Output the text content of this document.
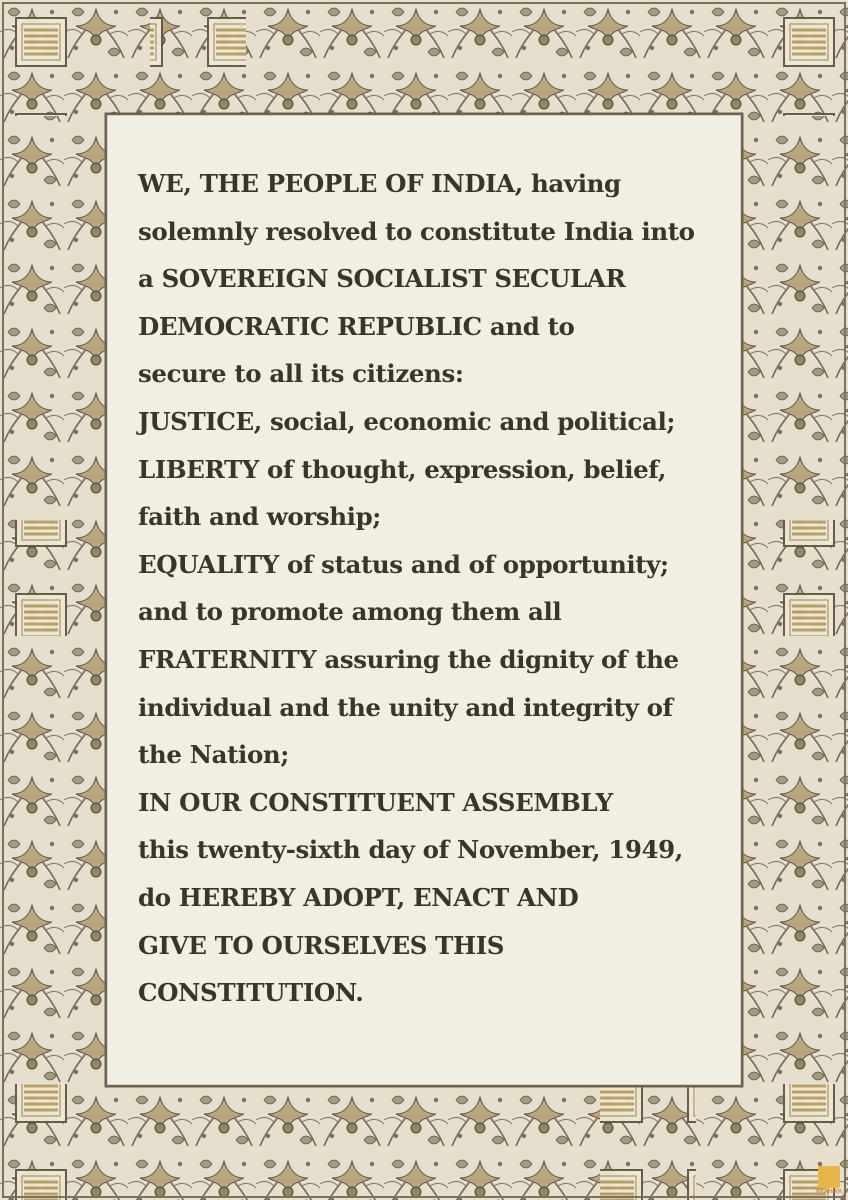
WE, THE PEOPLE OF INDIA, having
solemnly resolved to constitute India into
a SOVEREIGN SOCIALIST SECULAR
DEMOCRATIC REPUBLIC and to
secure to all its citizens:
JUSTICE, social, economic and political;
LIBERTY of thought, expression, belief,
faith and worship;
EQUALITY of status and of opportunity;
and to promote among them all
FRATERNITY assuring the dignity of the
individual and the unity and integrity of
the Nation;
IN OUR CONSTITUENT ASSEMBLY
this twenty-sixth day of November, 1949,
do HEREBY ADOPT, ENACT AND
GIVE TO OURSELVES THIS
CONSTITUTION.
PRAJNYA
